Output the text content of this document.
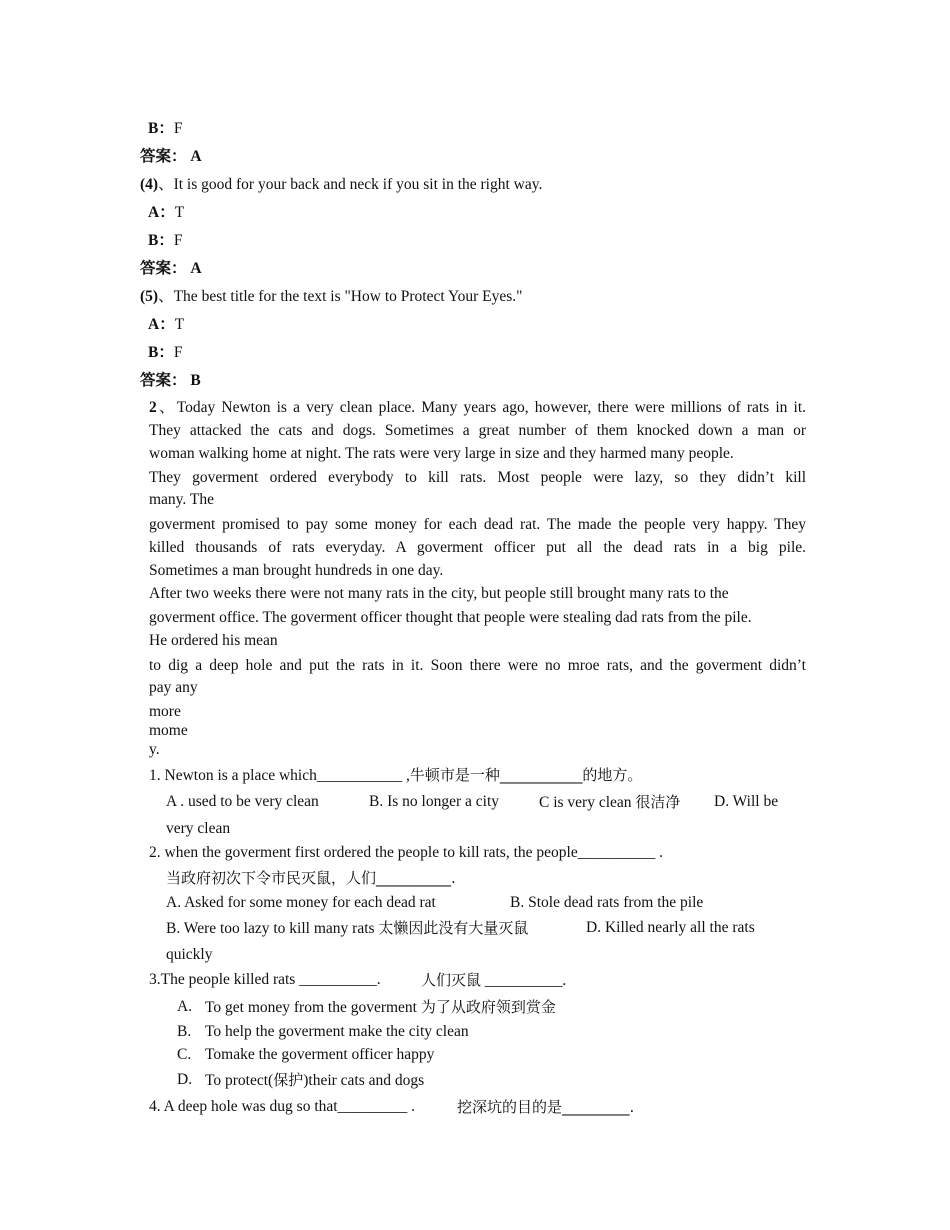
B：F
答案： A
(4)、It is good for your back and neck if you sit in the right way.
A：T
B：F
答案： A
(5)、The best title for the text is "How to Protect Your Eyes."
A：T
B：F
答案： B
2、Today Newton is a very clean place. Many years ago, however, there were millions of rats in it.
They attacked the cats and dogs. Sometimes a great number of them knocked down a man or
woman walking home at night. The rats were very large in size and they harmed many people.
They goverment ordered everybody to kill rats. Most people were lazy, so they didn’t kill
many. The
goverment promised to pay some money for each dead rat. The made the people very happy. They
killed thousands of rats everyday. A goverment officer put all the dead rats in a big pile.
Sometimes a man brought hundreds in one day.
After two weeks there were not many rats in the city, but people still brought many rats to the
goverment office. The goverment officer thought that people were stealing dad rats from the pile.
He ordered his mean
to dig a deep hole and put the rats in it. Soon there were no mroe rats, and the goverment didn’t
pay any
more
mome
y.
1. Newton is a place which___________ ,牛顿市是一种___________的地方。
A . used to be very clean	B. Is no longer a city	C is very clean 很洁净 D. Will be
very clean
2. when the goverment first ordered the people to kill rats, the people__________ .
当政府初次下令市民灭鼠，人们__________.
A. Asked for some money for each dead rat	B. Stole dead rats from the pile
B. Were too lazy to kill many rats 太懒因此没有大量灭鼠	D. Killed nearly all the rats
quickly
3.The people killed rats __________.	人们灭鼠 __________.
A. To get money from the goverment 为了从政府领到赏金
B. To help the goverment make the city clean
C. Tomake the goverment officer happy
D. To protect(保护)their cats and dogs
4. A deep hole was dug so that_________ .	挖深坑的目的是_________.
